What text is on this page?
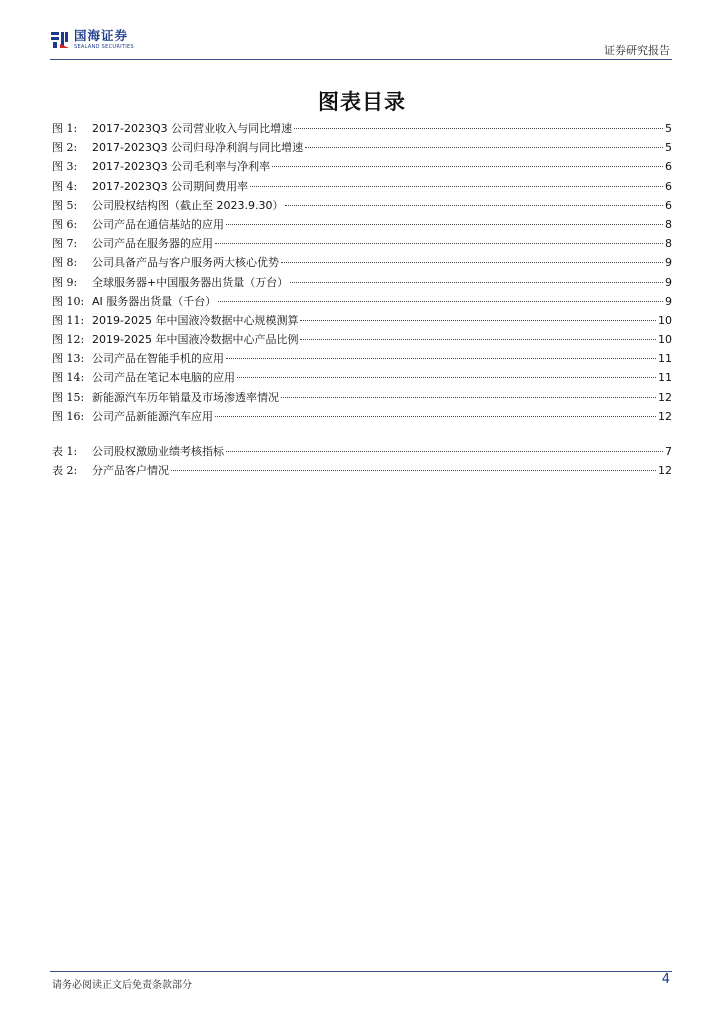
国海证券
SEALAND SECURITIES	证券研究报告
图表目录
图 1:	2017-2023Q3 公司营业收入与同比增速	5
图 2:	2017-2023Q3 公司归母净利润与同比增速	5
图 3:	2017-2023Q3 公司毛利率与净利率	6
图 4:	2017-2023Q3 公司期间费用率	6
图 5:	公司股权结构图（截止至 2023.9.30）	6
图 6:	公司产品在通信基站的应用	8
图 7:	公司产品在服务器的应用	8
图 8:	公司具备产品与客户服务两大核心优势	9
图 9:	全球服务器+中国服务器出货量（万台）	9
图 10: AI 服务器出货量（千台）	9
图 11: 2019-2025 年中国液冷数据中心规模测算	10
图 12: 2019-2025 年中国液冷数据中心产品比例	10
图 13: 公司产品在智能手机的应用	11
图 14: 公司产品在笔记本电脑的应用	11
图 15: 新能源汽车历年销量及市场渗透率情况	12
图 16: 公司产品新能源汽车应用	12
表 1:	公司股权激励业绩考核指标	7
表 2:	分产品客户情况	12
请务必阅读正文后免责条款部分	4
